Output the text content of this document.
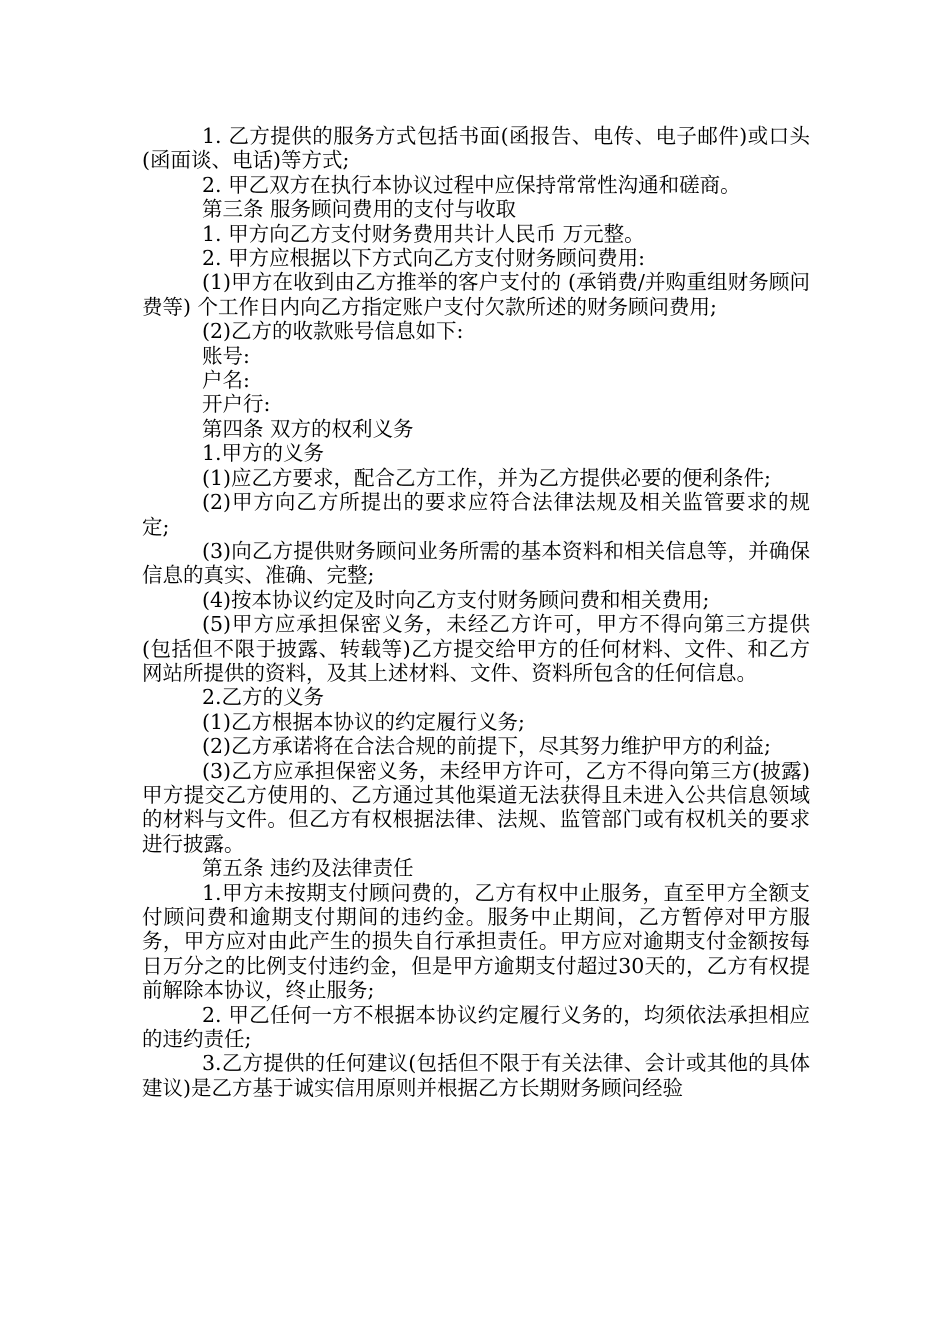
1. 乙方提供的服务方式包括书面(函报告、电传、电子邮件)或口头(函面谈、电话)等方式;

2. 甲乙双方在执行本协议过程中应保持常常性沟通和磋商。

第三条 服务顾问费用的支付与收取

1. 甲方向乙方支付财务费用共计人民币 万元整。

2. 甲方应根据以下方式向乙方支付财务顾问费用:

(1)甲方在收到由乙方推举的客户支付的 (承销费/并购重组财务顾问费等) 个工作日内向乙方指定账户支付欠款所述的财务顾问费用;

(2)乙方的收款账号信息如下:

账号:

户名:

开户行:

第四条 双方的权利义务

1.甲方的义务

(1)应乙方要求，配合乙方工作，并为乙方提供必要的便利条件;

(2)甲方向乙方所提出的要求应符合法律法规及相关监管要求的规定;

(3)向乙方提供财务顾问业务所需的基本资料和相关信息等，并确保信息的真实、准确、完整;

(4)按本协议约定及时向乙方支付财务顾问费和相关费用;

(5)甲方应承担保密义务，未经乙方许可，甲方不得向第三方提供(包括但不限于披露、转载等)乙方提交给甲方的任何材料、文件、和乙方网站所提供的资料，及其上述材料、文件、资料所包含的任何信息。

2.乙方的义务

(1)乙方根据本协议的约定履行义务;

(2)乙方承诺将在合法合规的前提下，尽其努力维护甲方的利益;

(3)乙方应承担保密义务，未经甲方许可，乙方不得向第三方(披露)甲方提交乙方使用的、乙方通过其他渠道无法获得且未进入公共信息领域的材料与文件。但乙方有权根据法律、法规、监管部门或有权机关的要求进行披露。

第五条 违约及法律责任

1.甲方未按期支付顾问费的，乙方有权中止服务，直至甲方全额支付顾问费和逾期支付期间的违约金。服务中止期间，乙方暂停对甲方服务，甲方应对由此产生的损失自行承担责任。甲方应对逾期支付金额按每日万分之的比例支付违约金，但是甲方逾期支付超过30天的，乙方有权提前解除本协议，终止服务;

2. 甲乙任何一方不根据本协议约定履行义务的，均须依法承担相应的违约责任;

3.乙方提供的任何建议(包括但不限于有关法律、会计或其他的具体建议)是乙方基于诚实信用原则并根据乙方长期财务顾问经验
